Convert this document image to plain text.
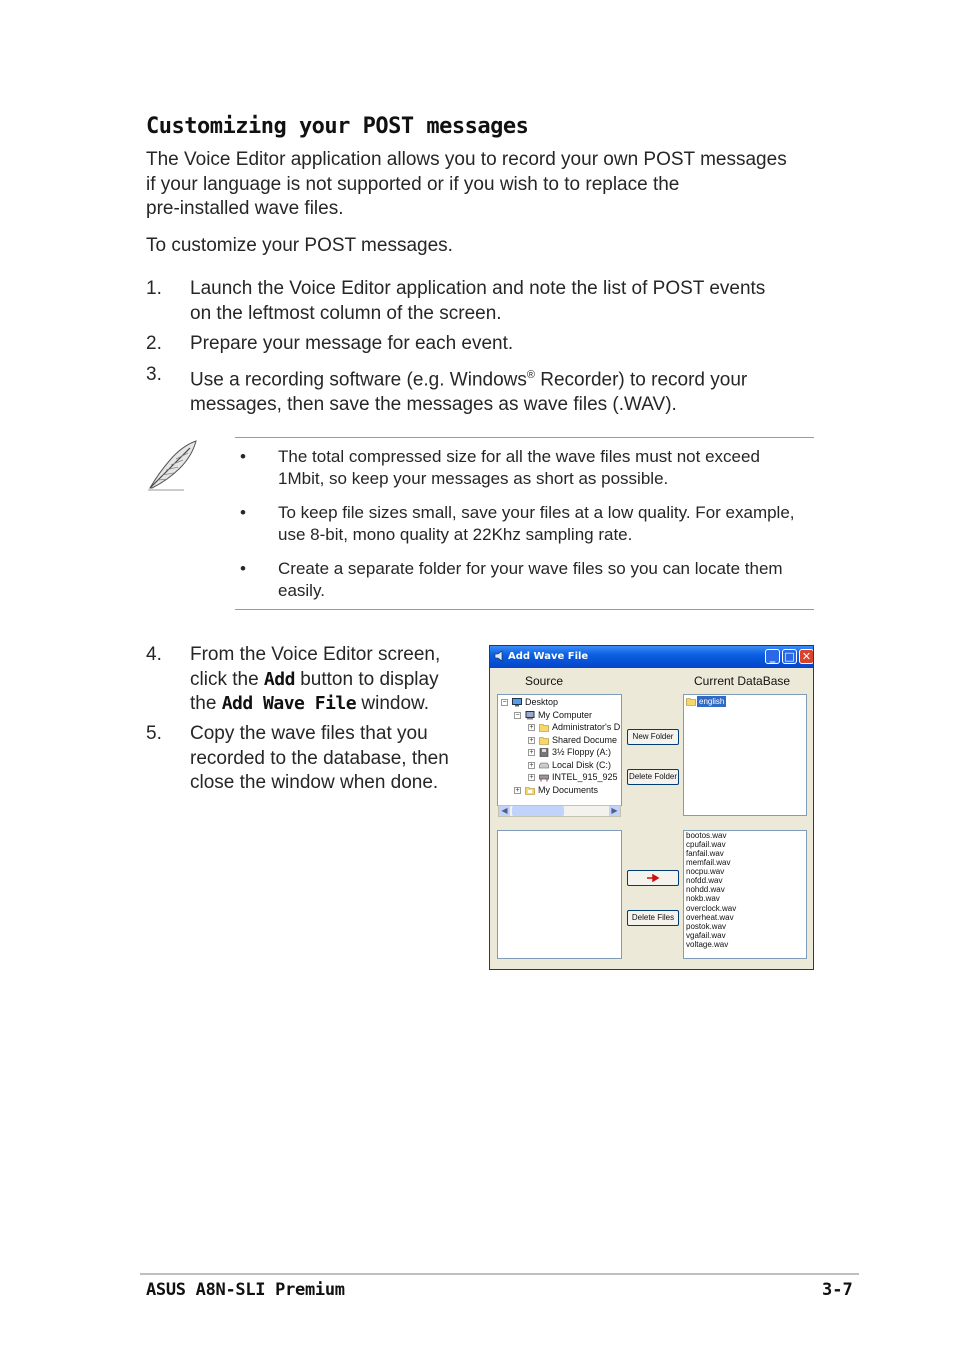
Customizing your POST messages
The Voice Editor application allows you to record your own POST messages
if your language is not supported or if you wish to to replace the
pre-installed wave files.
To customize your POST messages.
1. Launch the Voice Editor application and note the list of POST events
on the leftmost column of the screen.
2. Prepare your message for each event.
3. Use a recording software (e.g. Windows® Recorder) to record your
messages, then save the messages as wave files (.WAV).
• The total compressed size for all the wave files must not exceed
1Mbit, so keep your messages as short as possible.
• To keep file sizes small, save your files at a low quality. For example,
use 8-bit, mono quality at 22Khz sampling rate.
• Create a separate folder for your wave files so you can locate them
easily.
4. From the Voice Editor screen,
click the Add button to display
the Add Wave File window.
5. Copy the wave files that you
recorded to the database, then
close the window when done.
Add Wave File	_ □ ✕
Source	Current DataBase
− Desktop
− My Computer
+ Administrator's D
+ Shared Docume
+ 3½ Floppy (A:)
+ Local Disk (C:)
+ INTEL_915_925
+ My Documents
◀	▶
english
New Folder
Delete Folder
Delete Files
bootos.wav
cpufail.wav
fanfail.wav
memfail.wav
nocpu.wav
nofdd.wav
nohdd.wav
nokb.wav
overclock.wav
overheat.wav
postok.wav
vgafail.wav
voltage.wav
ASUS A8N-SLI Premium	3-7
